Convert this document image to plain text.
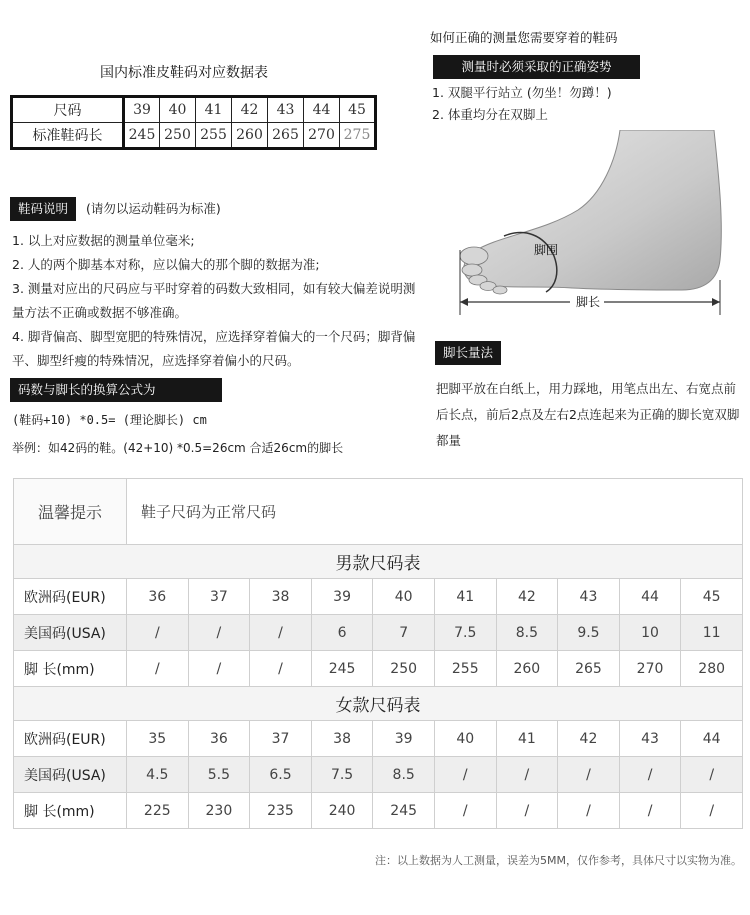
国内标准皮鞋码对应数据表
尺码	39	40	41	42	43	44	45
标准鞋码长	245	250	255	260	265	270	275
鞋码说明	(请勿以运动鞋码为标准)
1. 以上对应数据的测量单位毫米;
2. 人的两个脚基本对称，应以偏大的那个脚的数据为准;
3. 测量对应出的尺码应与平时穿着的码数大致相同，如有较大偏差说明测量方法不正确或数据不够准确。
4. 脚背偏高、脚型宽肥的特殊情况，应选择穿着偏大的一个尺码；脚背偏平、脚型纤瘦的特殊情况，应选择穿着偏小的尺码。
码数与脚长的换算公式为
(鞋码+10) *0.5= (理论脚长) cm
举例：如42码的鞋。(42+10) *0.5=26cm 合适26cm的脚长
如何正确的测量您需要穿着的鞋码
测量时必须采取的正确姿势
1. 双腿平行站立 (勿坐！勿蹲！)
2. 体重均分在双脚上
脚围
脚长
脚长量法
把脚平放在白纸上，用力踩地，用笔点出左、右宽点前后长点，前后2点及左右2点连起来为正确的脚长宽双脚都量
温馨提示	鞋子尺码为正常尺码									
男款尺码表										
欧洲码(EUR)	36	37	38	39	40	41	42	43	44	45
美国码(USA)	/	/	/	6	7	7.5	8.5	9.5	10	11
脚 长(mm)	/	/	/	245	250	255	260	265	270	280
女款尺码表										
欧洲码(EUR)	35	36	37	38	39	40	41	42	43	44
美国码(USA)	4.5	5.5	6.5	7.5	8.5	/	/	/	/	/
脚 长(mm)	225	230	235	240	245	/	/	/	/	/
注：以上数据为人工测量，误差为5MM，仅作参考，具体尺寸以实物为准。
